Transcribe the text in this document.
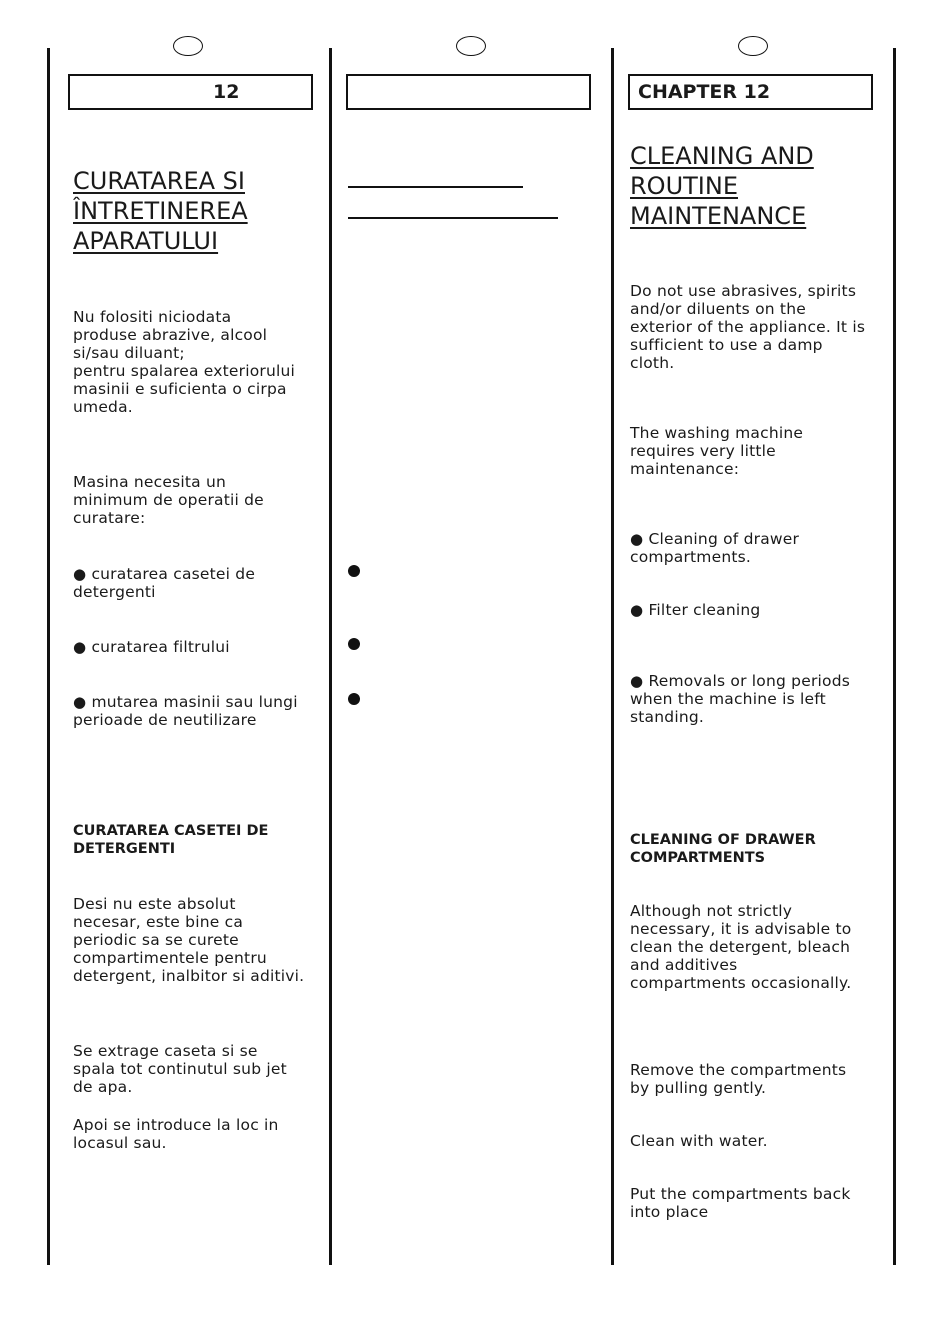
12	CHAPTER 12
CURATAREA SI
ÎNTRETINEREA
APARATULUI
Nu folositi niciodata
produse abrazive, alcool
si/sau diluant;
pentru spalarea exteriorului
masinii e suficienta o cirpa
umeda.
Masina necesita un
minimum de operatii de
curatare:
● curatarea casetei de
detergenti
● curatarea filtrului
● mutarea masinii sau lungi
perioade de neutilizare
CURATAREA CASETEI DE
DETERGENTI
Desi nu este absolut
necesar, este bine ca
periodic sa se curete
compartimentele pentru
detergent, inalbitor si aditivi.
Se extrage caseta si se
spala tot continutul sub jet
de apa.
Apoi se introduce la loc in
locasul sau.
CLEANING AND
ROUTINE
MAINTENANCE
Do not use abrasives, spirits
and/or diluents on the
exterior of the appliance. It is
sufficient to use a damp
cloth.
The washing machine
requires very little
maintenance:
● Cleaning of drawer
compartments.
● Filter cleaning
● Removals or long periods
when the machine is left
standing.
CLEANING OF DRAWER
COMPARTMENTS
Although not strictly
necessary, it is advisable to
clean the detergent, bleach
and additives
compartments occasionally.
Remove the compartments
by pulling gently.
Clean with water.
Put the compartments back
into place
